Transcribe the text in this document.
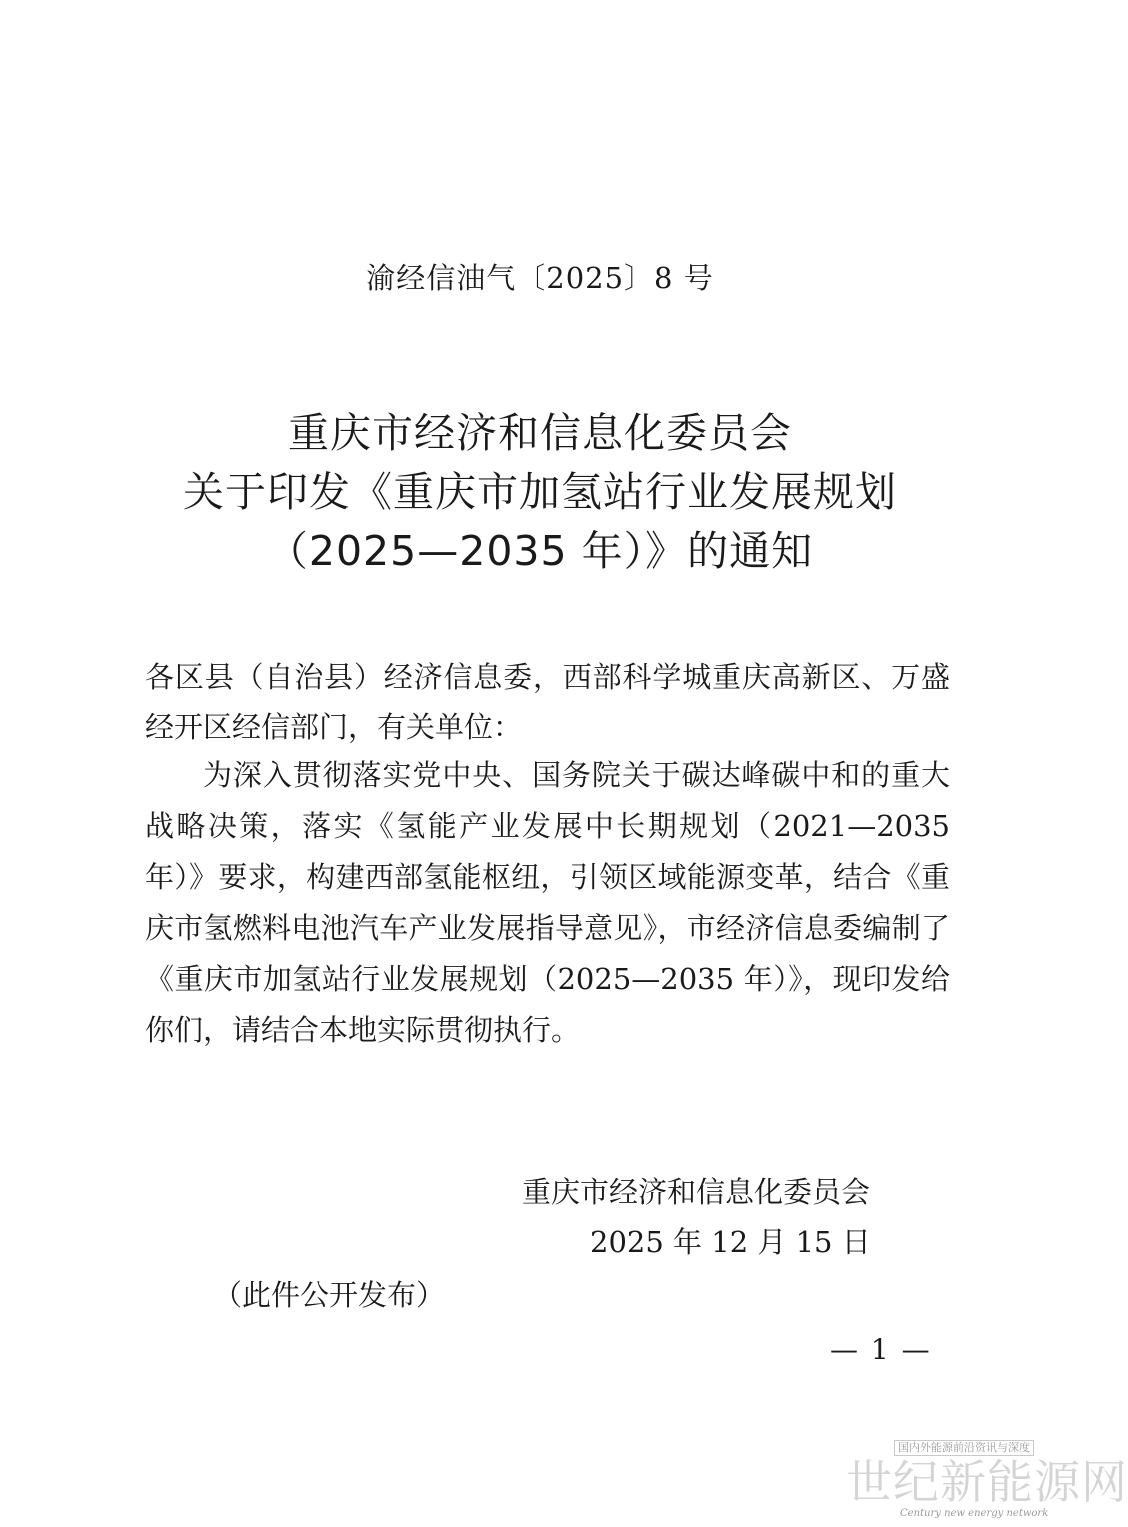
渝经信油气〔2025〕8 号
重庆市经济和信息化委员会
关于印发《重庆市加氢站行业发展规划
（2025—2035 年）》的通知
各区县（自治县）经济信息委，西部科学城重庆高新区、万盛经开区经信部门，有关单位：
为深入贯彻落实党中央、国务院关于碳达峰碳中和的重大战略决策，落实《氢能产业发展中长期规划（2021—2035 年）》要求，构建西部氢能枢纽，引领区域能源变革，结合《重庆市氢燃料电池汽车产业发展指导意见》，市经济信息委编制了《重庆市加氢站行业发展规划（2025—2035 年）》，现印发给你们，请结合本地实际贯彻执行。
重庆市经济和信息化委员会
2025 年 12 月 15 日
（此件公开发布）
— 1 —
国内外能源前沿资讯与深度
世纪新能源网
Century new energy network
